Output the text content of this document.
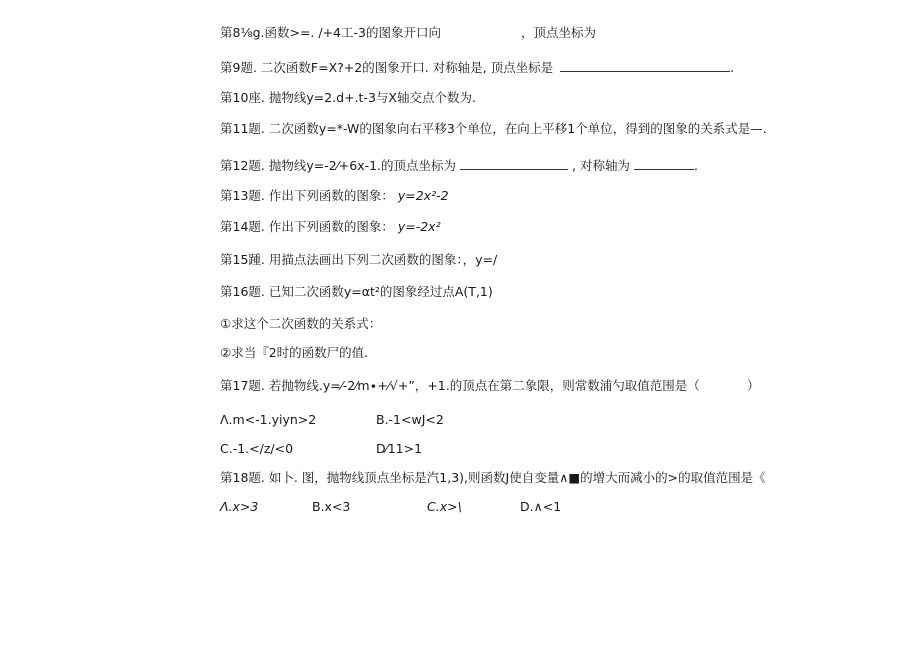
第8⅛g.函数>=. /+4工-3的图象开口向	，顶点坐标为
第9题. 二次函数F=X?+2的图象开口. 对称轴是, 顶点坐标是	.
第10座. 抛物线y=2.d+.t-3与X轴交点个数为.
第11题. 二次函数y=*-W的图象向右平移3个单位，在向上平移1个单位，得到的图象的关系式是—.
第12题. 抛物线y=-2⁄+6x-1.的顶点坐标为	, 对称轴为	.
第13题. 作出下列函数的图象： y=2x²-2
第14题. 作出下列函数的图象： y=-2x²
第15踵. 用描点法画出下列二次函数的图象：，y=/
第16题. 已知二次函数y=αt²的图象经过点A(T,1)
①求这个二次函数的关系式：
②求当『2时的函数尸的值.
第17题. 若抛物线.y=⁄-2⁄m∙+⁄√+”，+1.的顶点在第二象限，则常数浦勺取值范围是（	）
Λ.m<-1.yiyn>2	B.-1<wJ<2
C.-1.</z/<0	D⁄11>1
第18题. 如卜. 图，抛物线顶点坐标是汽1,3),则函数J使自变量∧■的增大而减小的>的取值范围是《
Λ.x>3	B.x<3	C.x>\	D.∧<1
